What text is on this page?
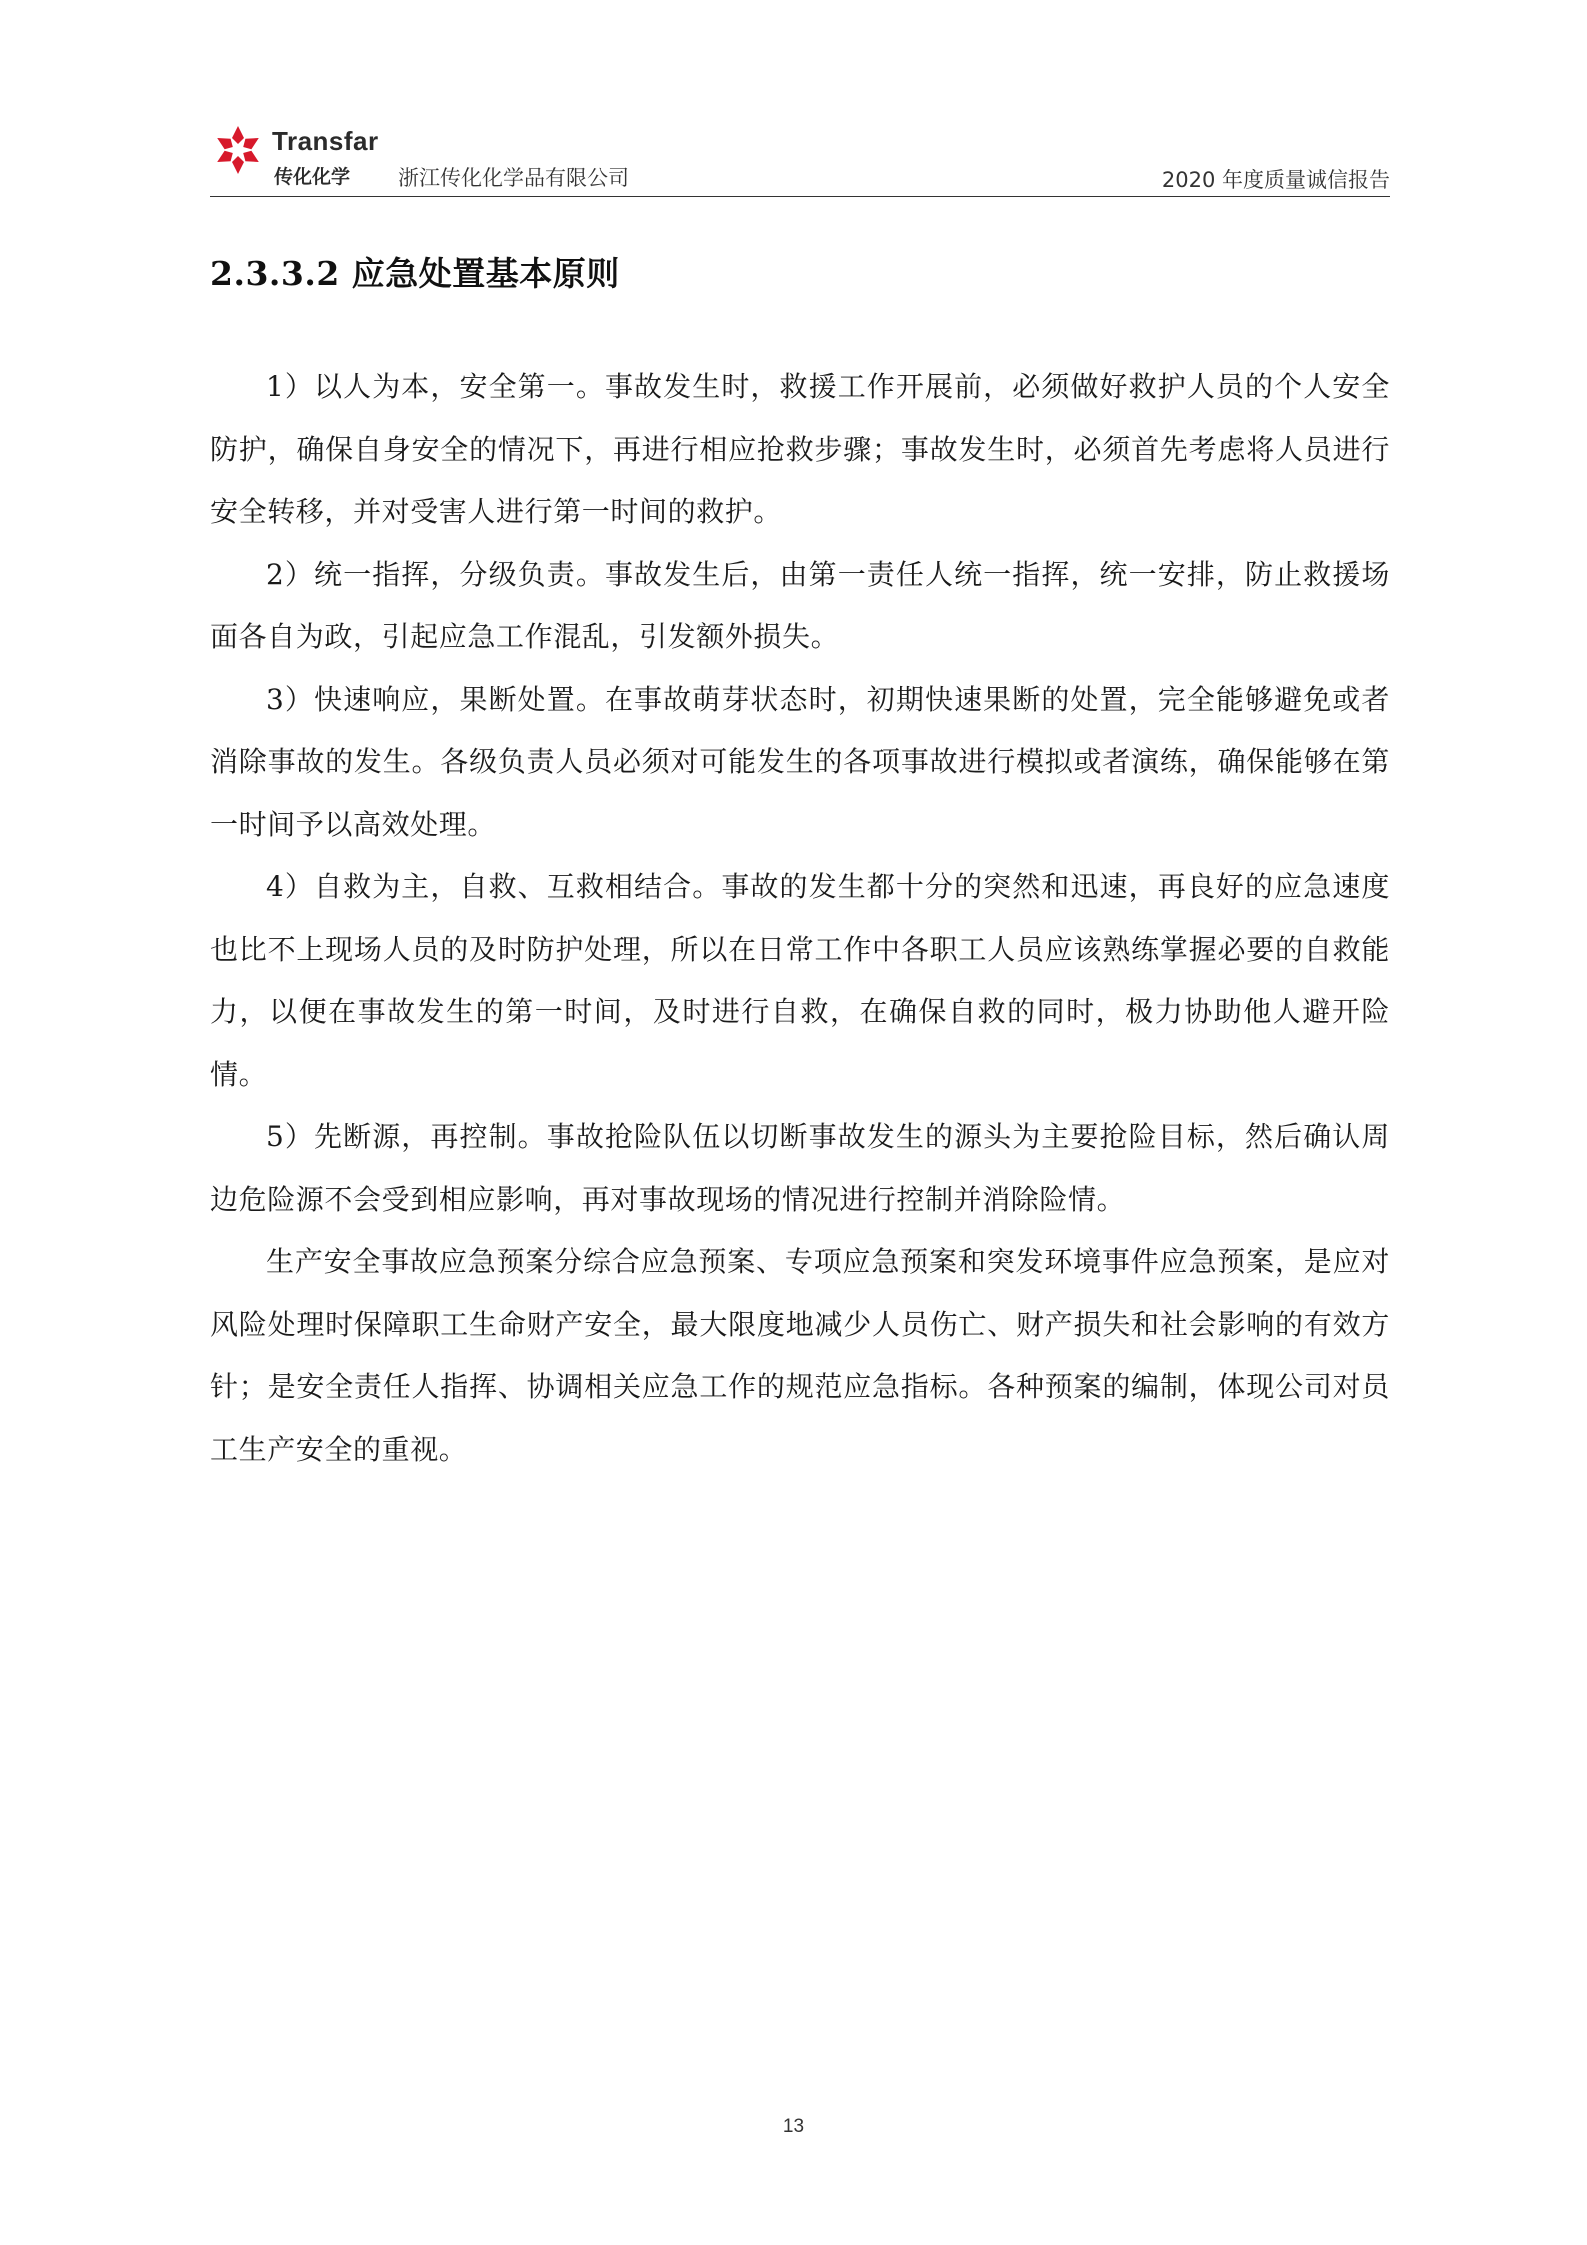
Transfar
传化化学 浙江传化化学品有限公司	2020 年度质量诚信报告
2.3.3.2 应急处置基本原则

1）以人为本，安全第一。事故发生时，救援工作开展前，必须做好救护人员的个人安全防护，确保自身安全的情况下，再进行相应抢救步骤；事故发生时，必须首先考虑将人员进行安全转移，并对受害人进行第一时间的救护。

2）统一指挥，分级负责。事故发生后，由第一责任人统一指挥，统一安排，防止救援场面各自为政，引起应急工作混乱，引发额外损失。

3）快速响应，果断处置。在事故萌芽状态时，初期快速果断的处置，完全能够避免或者消除事故的发生。各级负责人员必须对可能发生的各项事故进行模拟或者演练，确保能够在第一时间予以高效处理。

4）自救为主，自救、互救相结合。事故的发生都十分的突然和迅速，再良好的应急速度也比不上现场人员的及时防护处理，所以在日常工作中各职工人员应该熟练掌握必要的自救能力，以便在事故发生的第一时间，及时进行自救，在确保自救的同时，极力协助他人避开险情。

5）先断源，再控制。事故抢险队伍以切断事故发生的源头为主要抢险目标，然后确认周边危险源不会受到相应影响，再对事故现场的情况进行控制并消除险情。

生产安全事故应急预案分综合应急预案、专项应急预案和突发环境事件应急预案，是应对风险处理时保障职工生命财产安全，最大限度地减少人员伤亡、财产损失和社会影响的有效方针；是安全责任人指挥、协调相关应急工作的规范应急指标。各种预案的编制，体现公司对员工生产安全的重视。

13
